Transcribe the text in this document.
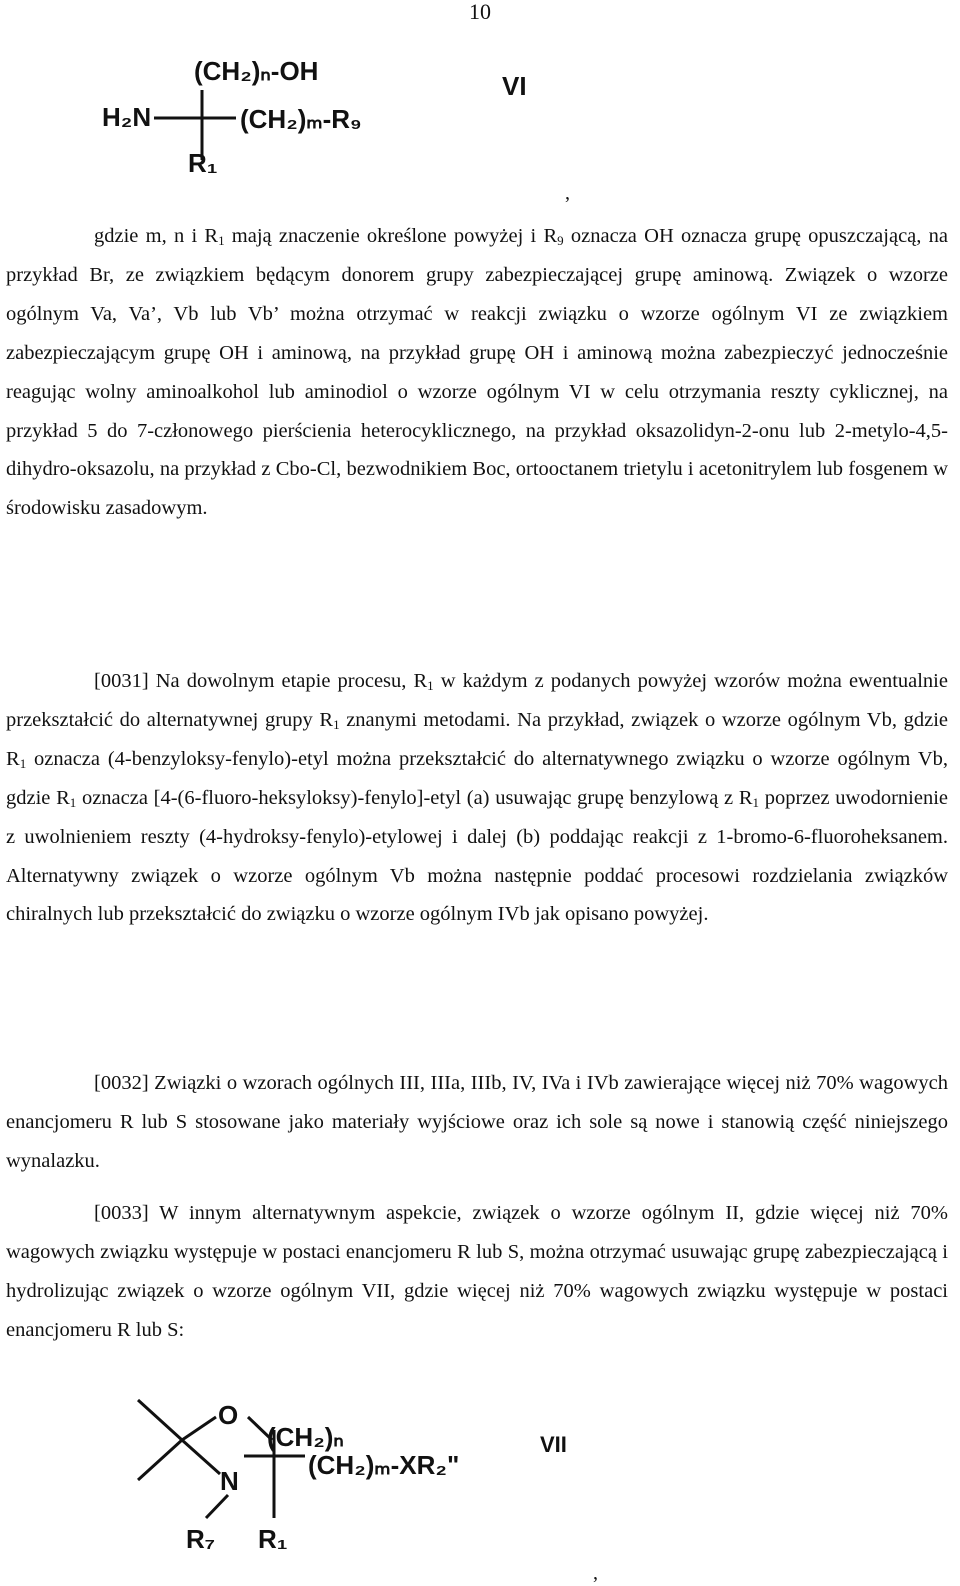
10
(CH₂)ₙ-OH
H₂N	(CH₂)ₘ-R₉
R₁
VI
,

gdzie m, n i $R_1$ mają znaczenie określone powyżej i $R_9$ oznacza OH oznacza grupę opuszczającą, na przykład Br, ze związkiem będącym donorem grupy zabezpieczającej grupę aminową. Związek o wzorze ogólnym Va, Va’, Vb lub Vb’ można otrzymać w reakcji związku o wzorze ogólnym VI ze związkiem zabezpieczającym grupę OH i aminową, na przykład grupę OH i aminową można zabezpieczyć jednocześnie reagując wolny aminoalkohol lub aminodiol o wzorze ogólnym VI w celu otrzymania reszty cyklicznej, na przykład 5 do 7-członowego pierścienia heterocyklicznego, na przykład oksazolidyn-2-onu lub 2-metylo-4,5-dihydro-oksazolu, na przykład z Cbo-Cl, bezwodnikiem Boc, ortooctanem trietylu i acetonitrylem lub fosgenem w środowisku zasadowym.

[0031] Na dowolnym etapie procesu, $R_1$ w każdym z podanych powyżej wzorów można ewentualnie przekształcić do alternatywnej grupy $R_1$ znanymi metodami. Na przykład, związek o wzorze ogólnym Vb, gdzie $R_1$ oznacza (4-benzyloksy-fenylo)-etyl można przekształcić do alternatywnego związku o wzorze ogólnym Vb, gdzie $R_1$ oznacza [4-(6-fluoro-heksyloksy)-fenylo]-etyl (a) usuwając grupę benzylową z $R_1$ poprzez uwodornienie z uwolnieniem reszty (4-hydroksy-fenylo)-etylowej i dalej (b) poddając reakcji z 1-bromo-6-fluoroheksanem. Alternatywny związek o wzorze ogólnym Vb można następnie poddać procesowi rozdzielania związków chiralnych lub przekształcić do związku o wzorze ogólnym IVb jak opisano powyżej.

[0032] Związki o wzorach ogólnych III, IIIa, IIIb, IV, IVa i IVb zawierające więcej niż 70% wagowych enancjomeru R lub S stosowane jako materiały wyjściowe oraz ich sole są nowe i stanowią część niniejszego wynalazku.

[0033] W innym alternatywnym aspekcie, związek o wzorze ogólnym II, gdzie więcej niż 70% wagowych związku występuje w postaci enancjomeru R lub S, można otrzymać usuwając grupę zabezpieczającą i hydrolizując związek o wzorze ogólnym VII, gdzie więcej niż 70% wagowych związku występuje w postaci enancjomeru R lub S:

O
(CH₂)ₙ
N
(CH₂)ₘ-XR₂"
R₇ R₁
VII
,
